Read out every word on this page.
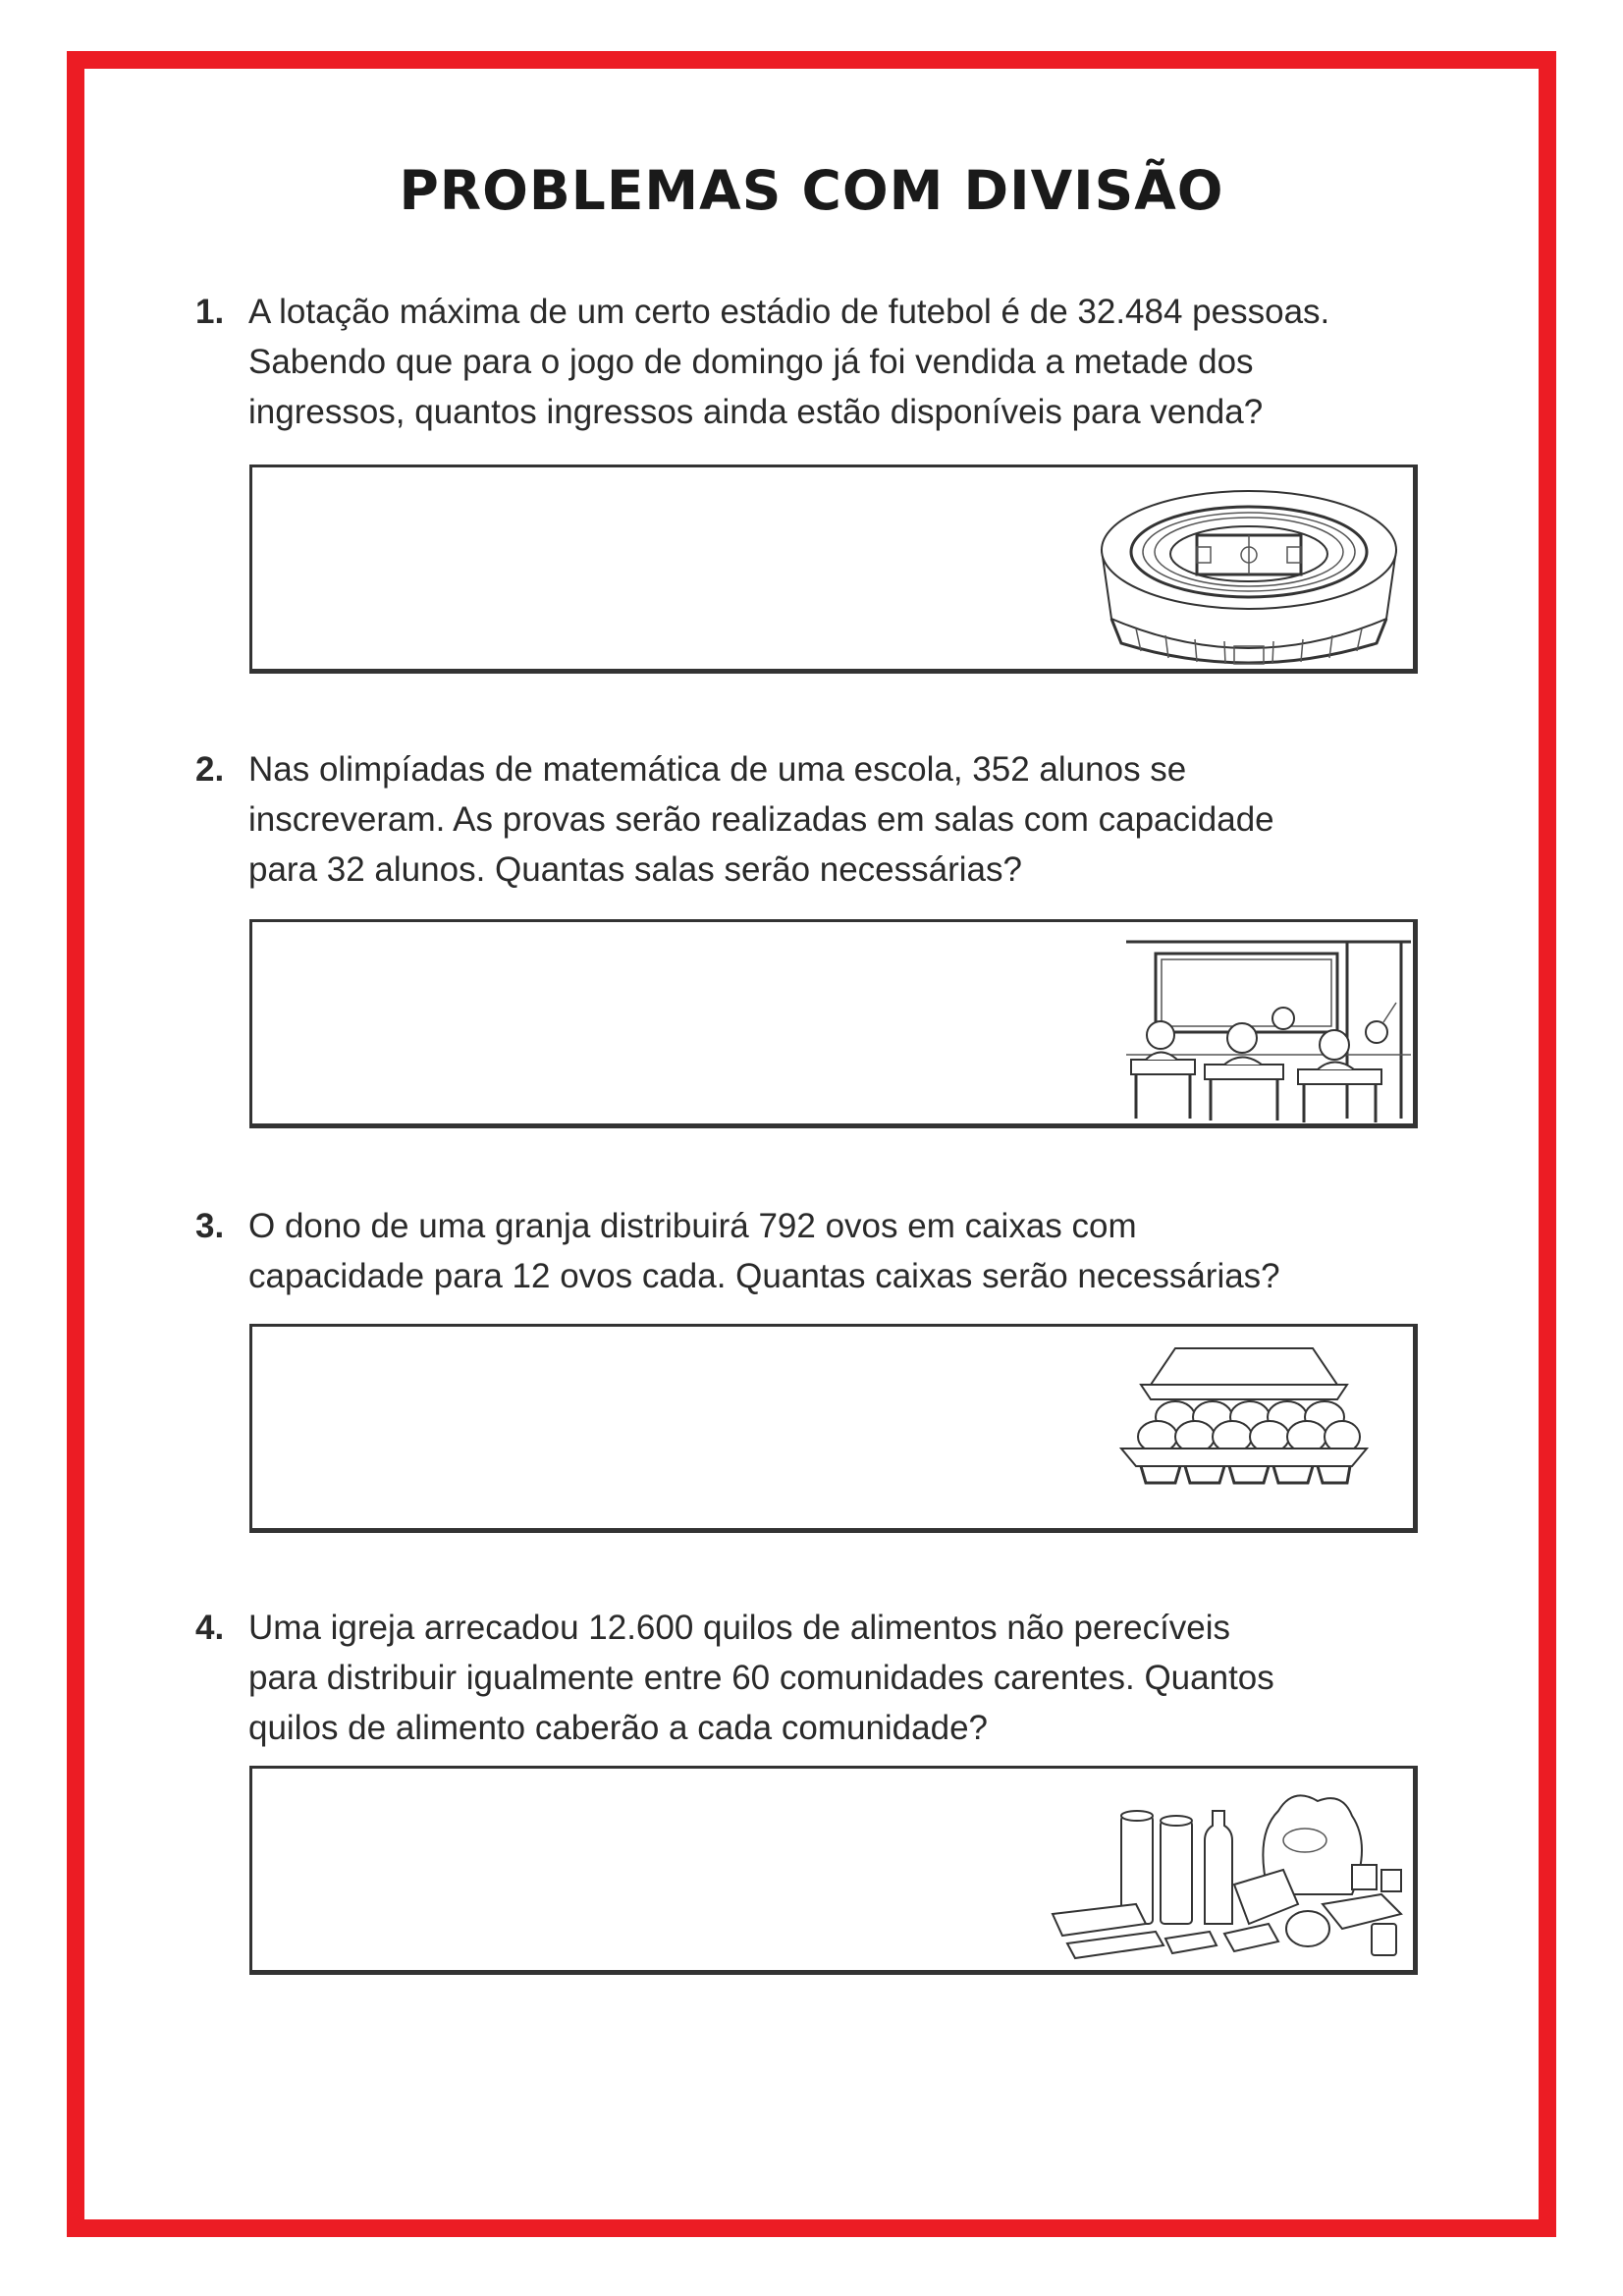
PROBLEMAS COM DIVISÃO
1. A lotação máxima de um certo estádio de futebol é de 32.484 pessoas.
Sabendo que para o jogo de domingo já foi vendida a metade dos
ingressos, quantos ingressos ainda estão disponíveis para venda?
2. Nas olimpíadas de matemática de uma escola, 352 alunos se
inscreveram. As provas serão realizadas em salas com capacidade
para 32 alunos. Quantas salas serão necessárias?
3. O dono de uma granja distribuirá 792 ovos em caixas com
capacidade para 12 ovos cada. Quantas caixas serão necessárias?
4. Uma igreja arrecadou 12.600 quilos de alimentos não perecíveis
para distribuir igualmente entre 60 comunidades carentes. Quantos
quilos de alimento caberão a cada comunidade?
